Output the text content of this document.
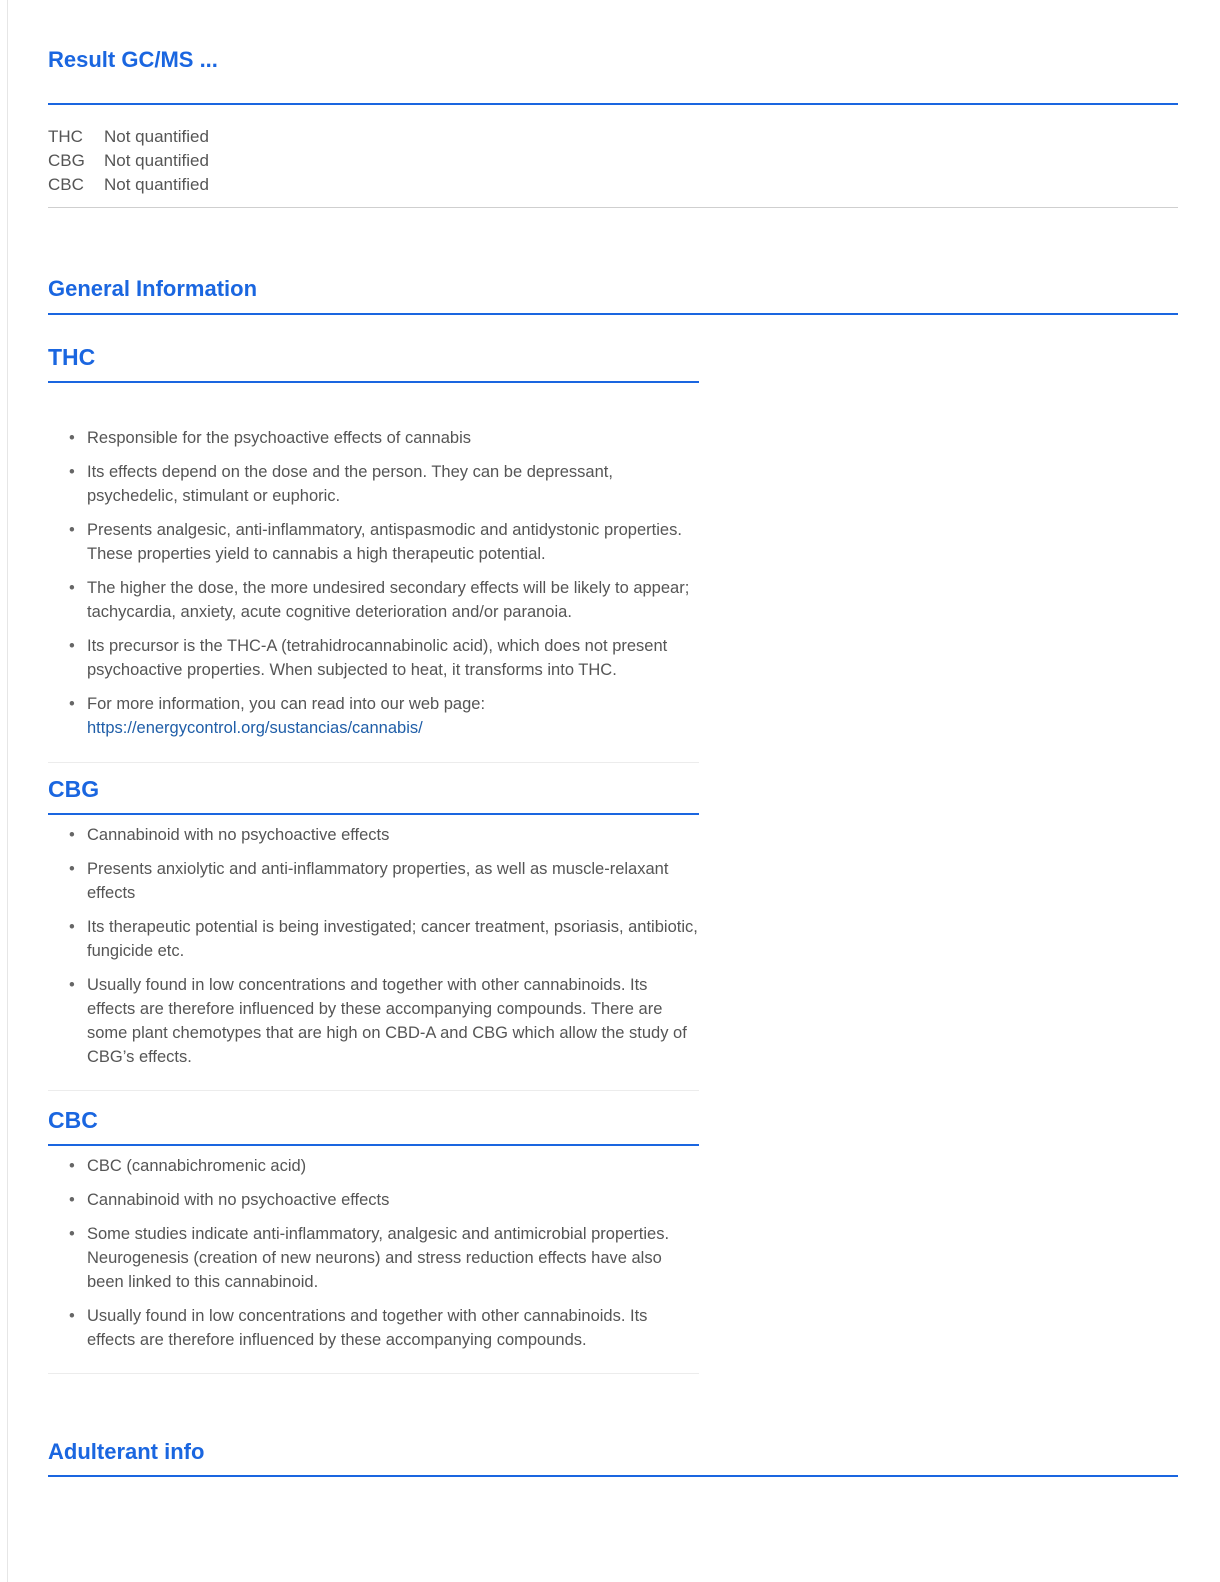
Result GC/MS ...
THC	Not quantified
CBG	Not quantified
CBC	Not quantified
General Information
THC
• Responsible for the psychoactive effects of cannabis
• Its effects depend on the dose and the person. They can be depressant, psychedelic, stimulant or euphoric.
• Presents analgesic, anti-inflammatory, antispasmodic and antidystonic properties. These properties yield to cannabis a high therapeutic potential.
• The higher the dose, the more undesired secondary effects will be likely to appear; tachycardia, anxiety, acute cognitive deterioration and/or paranoia.
• Its precursor is the THC-A (tetrahidrocannabinolic acid), which does not present psychoactive properties. When subjected to heat, it transforms into THC.
• For more information, you can read into our web page:
https://energycontrol.org/sustancias/cannabis/
CBG
• Cannabinoid with no psychoactive effects
• Presents anxiolytic and anti-inflammatory properties, as well as muscle-relaxant effects
• Its therapeutic potential is being investigated; cancer treatment, psoriasis, antibiotic, fungicide etc.
• Usually found in low concentrations and together with other cannabinoids. Its effects are therefore influenced by these accompanying compounds. There are some plant chemotypes that are high on CBD-A and CBG which allow the study of CBG’s effects.
CBC
• CBC (cannabichromenic acid)
• Cannabinoid with no psychoactive effects
• Some studies indicate anti-inflammatory, analgesic and antimicrobial properties. Neurogenesis (creation of new neurons) and stress reduction effects have also been linked to this cannabinoid.
• Usually found in low concentrations and together with other cannabinoids. Its effects are therefore influenced by these accompanying compounds.
Adulterant info
